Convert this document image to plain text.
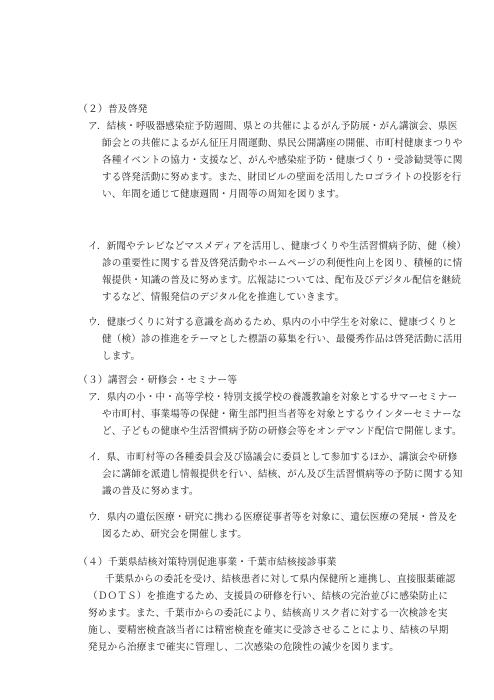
（２）普及啓発
ア．結核・呼吸器感染症予防週間、県との共催によるがん予防展・がん講演会、県医
師会との共催によるがん征圧月間運動、県民公開講座の開催、市町村健康まつりや
各種イベントの協力・支援など、がんや感染症予防・健康づくり・受診勧奨等に関
する啓発活動に努めます。また、財団ビルの壁面を活用したロゴライトの投影を行
い、年間を通じて健康週間・月間等の周知を図ります。
イ．新聞やテレビなどマスメディアを活用し、健康づくりや生活習慣病予防、健（検）
診の重要性に関する普及啓発活動やホームページの利便性向上を図り、積極的に情
報提供・知識の普及に努めます。広報誌については、配布及びデジタル配信を継続
するなど、情報発信のデジタル化を推進していきます。
ウ．健康づくりに対する意識を高めるため、県内の小中学生を対象に、健康づくりと
健（検）診の推進をテーマとした標語の募集を行い、最優秀作品は啓発活動に活用
します。
（３）講習会・研修会・セミナー等
ア．県内の小・中・高等学校・特別支援学校の養護教諭を対象とするサマーセミナー
や市町村、事業場等の保健・衛生部門担当者等を対象とするウインターセミナーな
ど、子どもの健康や生活習慣病予防の研修会等をオンデマンド配信で開催します。
イ．県、市町村等の各種委員会及び協議会に委員として参加するほか、講演会や研修
会に講師を派遣し情報提供を行い、結核、がん及び生活習慣病等の予防に関する知
識の普及に努めます。
ウ．県内の遺伝医療・研究に携わる医療従事者等を対象に、遺伝医療の発展・普及を
図るため、研究会を開催します。
（４）千葉県結核対策特別促進事業・千葉市結核接診事業
千葉県からの委託を受け、結核患者に対して県内保健所と連携し、直接服薬確認
（ＤＯＴＳ）を推進するため、支援員の研修を行い、結核の完治並びに感染防止に
努めます。また、千葉市からの委託により、結核高リスク者に対する一次検診を実
施し、要精密検査該当者には精密検査を確実に受診させることにより、結核の早期
発見から治療まで確実に管理し、二次感染の危険性の減少を図ります。
